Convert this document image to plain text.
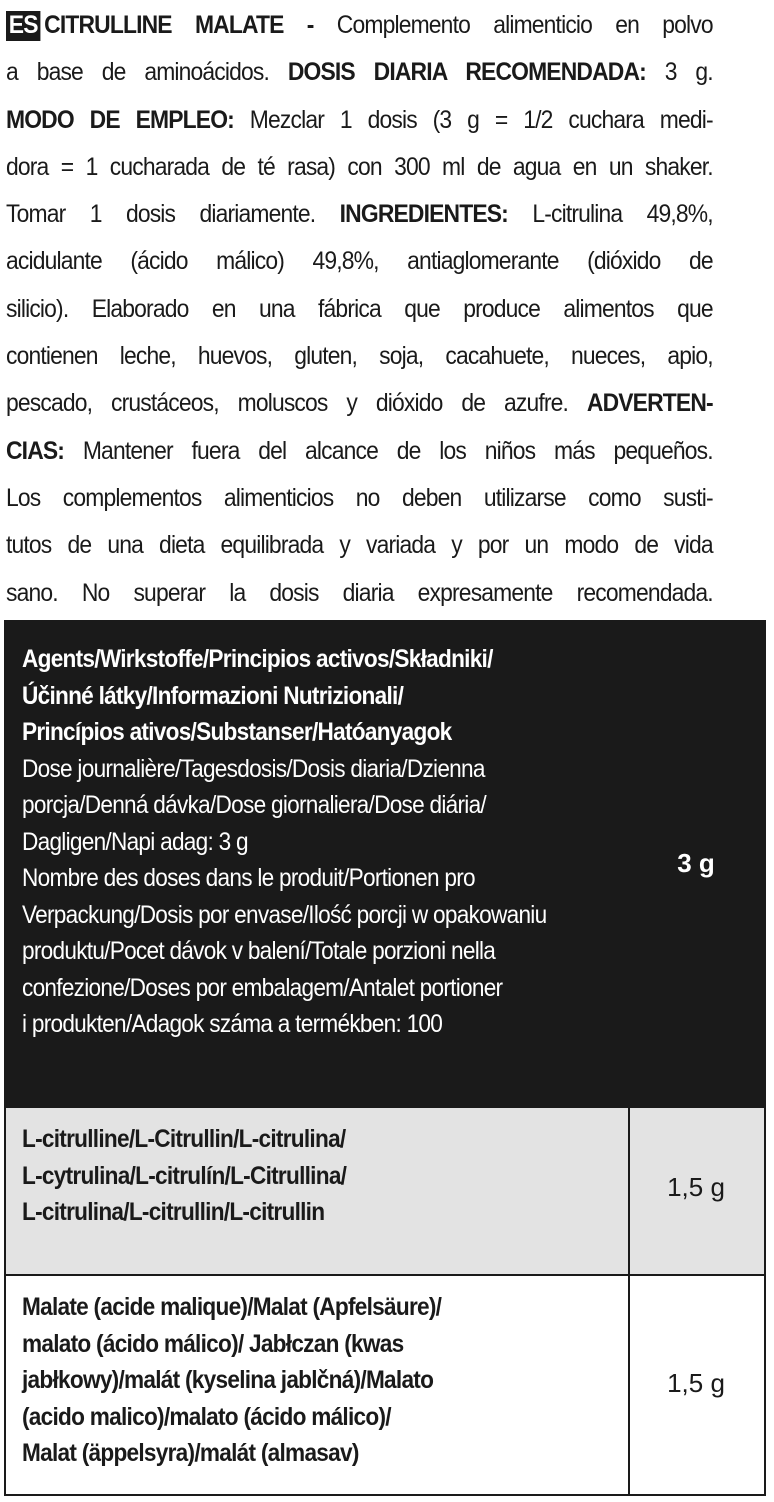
ES CITRULLINE MALATE - Complemento alimenticio en polvo
a base de aminoácidos. DOSIS DIARIA RECOMENDADA: 3 g.
MODO DE EMPLEO: Mezclar 1 dosis (3 g = 1/2 cuchara medi-
dora = 1 cucharada de té rasa) con 300 ml de agua en un shaker.
Tomar 1 dosis diariamente. INGREDIENTES: L-citrulina 49,8%,
acidulante (ácido málico) 49,8%, antiaglomerante (dióxido de
silicio). Elaborado en una fábrica que produce alimentos que
contienen leche, huevos, gluten, soja, cacahuete, nueces, apio,
pescado, crustáceos, moluscos y dióxido de azufre. ADVERTEN-
CIAS: Mantener fuera del alcance de los niños más pequeños.
Los complementos alimenticios no deben utilizarse como susti-
tutos de una dieta equilibrada y variada y por un modo de vida
sano. No superar la dosis diaria expresamente recomendada.
Agents/Wirkstoffe/Principios activos/Składniki/
Účinné látky/Informazioni Nutrizionali/
Princípios ativos/Substanser/Hatóanyagok
Dose journalière/Tagesdosis/Dosis diaria/Dzienna
porcja/Denná dávka/Dose giornaliera/Dose diária/
Dagligen/Napi adag: 3 g
Nombre des doses dans le produit/Portionen pro
Verpackung/Dosis por envase/Ilość porcji w opakowaniu
produktu/Pocet dávok v balení/Totale porzioni nella
confezione/Doses por embalagem/Antalet portioner
i produkten/Adagok száma a termékben: 100
3 g
L-citrulline/L-Citrullin/L-citrulina/
L-cytrulina/L-citrulín/L-Citrullina/
L-citrulina/L-citrullin/L-citrullin
1,5 g
Malate (acide malique)/Malat (Apfelsäure)/
malato (ácido málico)/ Jabłczan (kwas
jabłkowy)/malát (kyselina jablčná)/Malato
(acido malico)/malato (ácido málico)/
Malat (äppelsyra)/malát (almasav)
1,5 g
